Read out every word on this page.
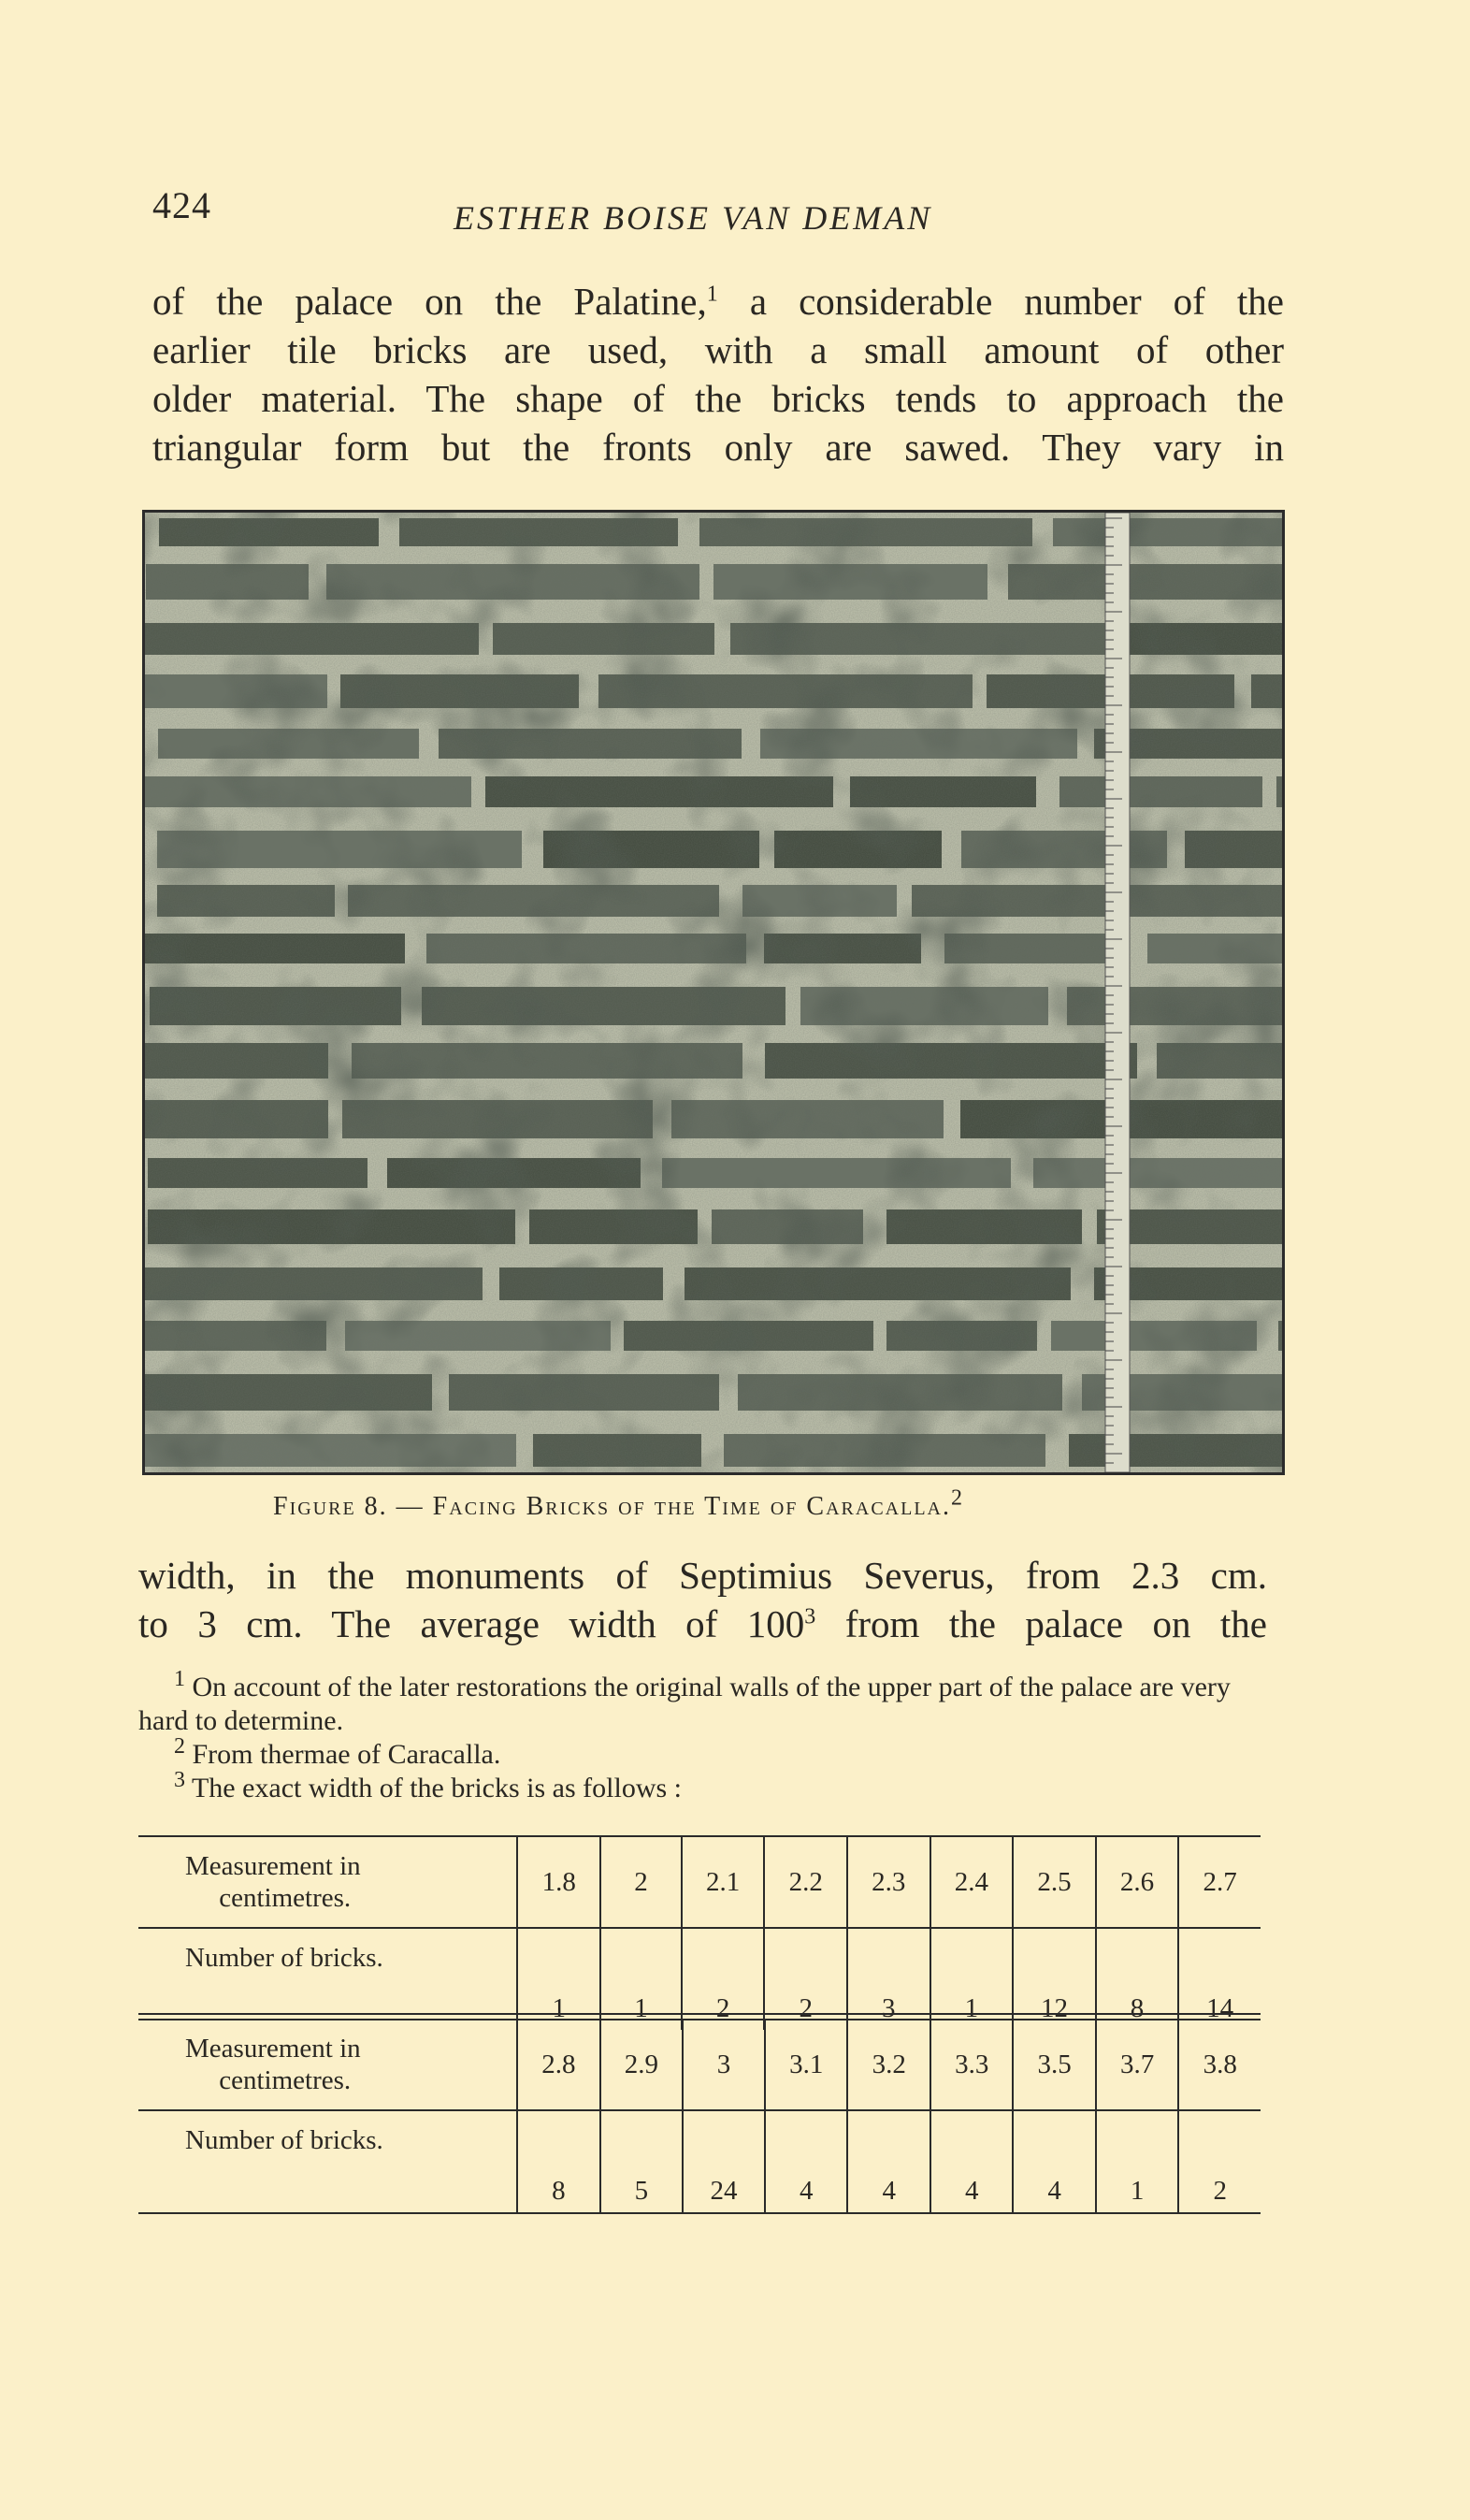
424	ESTHER BOISE VAN DEMAN
of the palace on the Palatine,$^1$ a considerable number of the
earlier tile bricks are used, with a small amount of other
older material. The shape of the bricks tends to approach the
triangular form but the fronts only are sawed. They vary in
Figure 8. — Facing Bricks of the Time of Caracalla.$^2$
width, in the monuments of Septimius Severus, from 2.3 cm.
to 3 cm. The average width of $100^3$ from the palace on the
$^1$ On account of the later restorations the original walls of the upper part of the palace are very hard to determine.
$^2$ From thermae of Caracalla.
$^3$ The exact width of the bricks is as follows :
Measurement in
centimetres.	1.8	2	2.1	2.2	2.3	2.4	2.5	2.6	2.7
Number of bricks.	1	1	2	2	3	1	12	8	14
Measurement in
centimetres.	2.8	2.9	3	3.1	3.2	3.3	3.5	3.7	3.8
Number of bricks.	8	5	24	4	4	4	4	1	2
